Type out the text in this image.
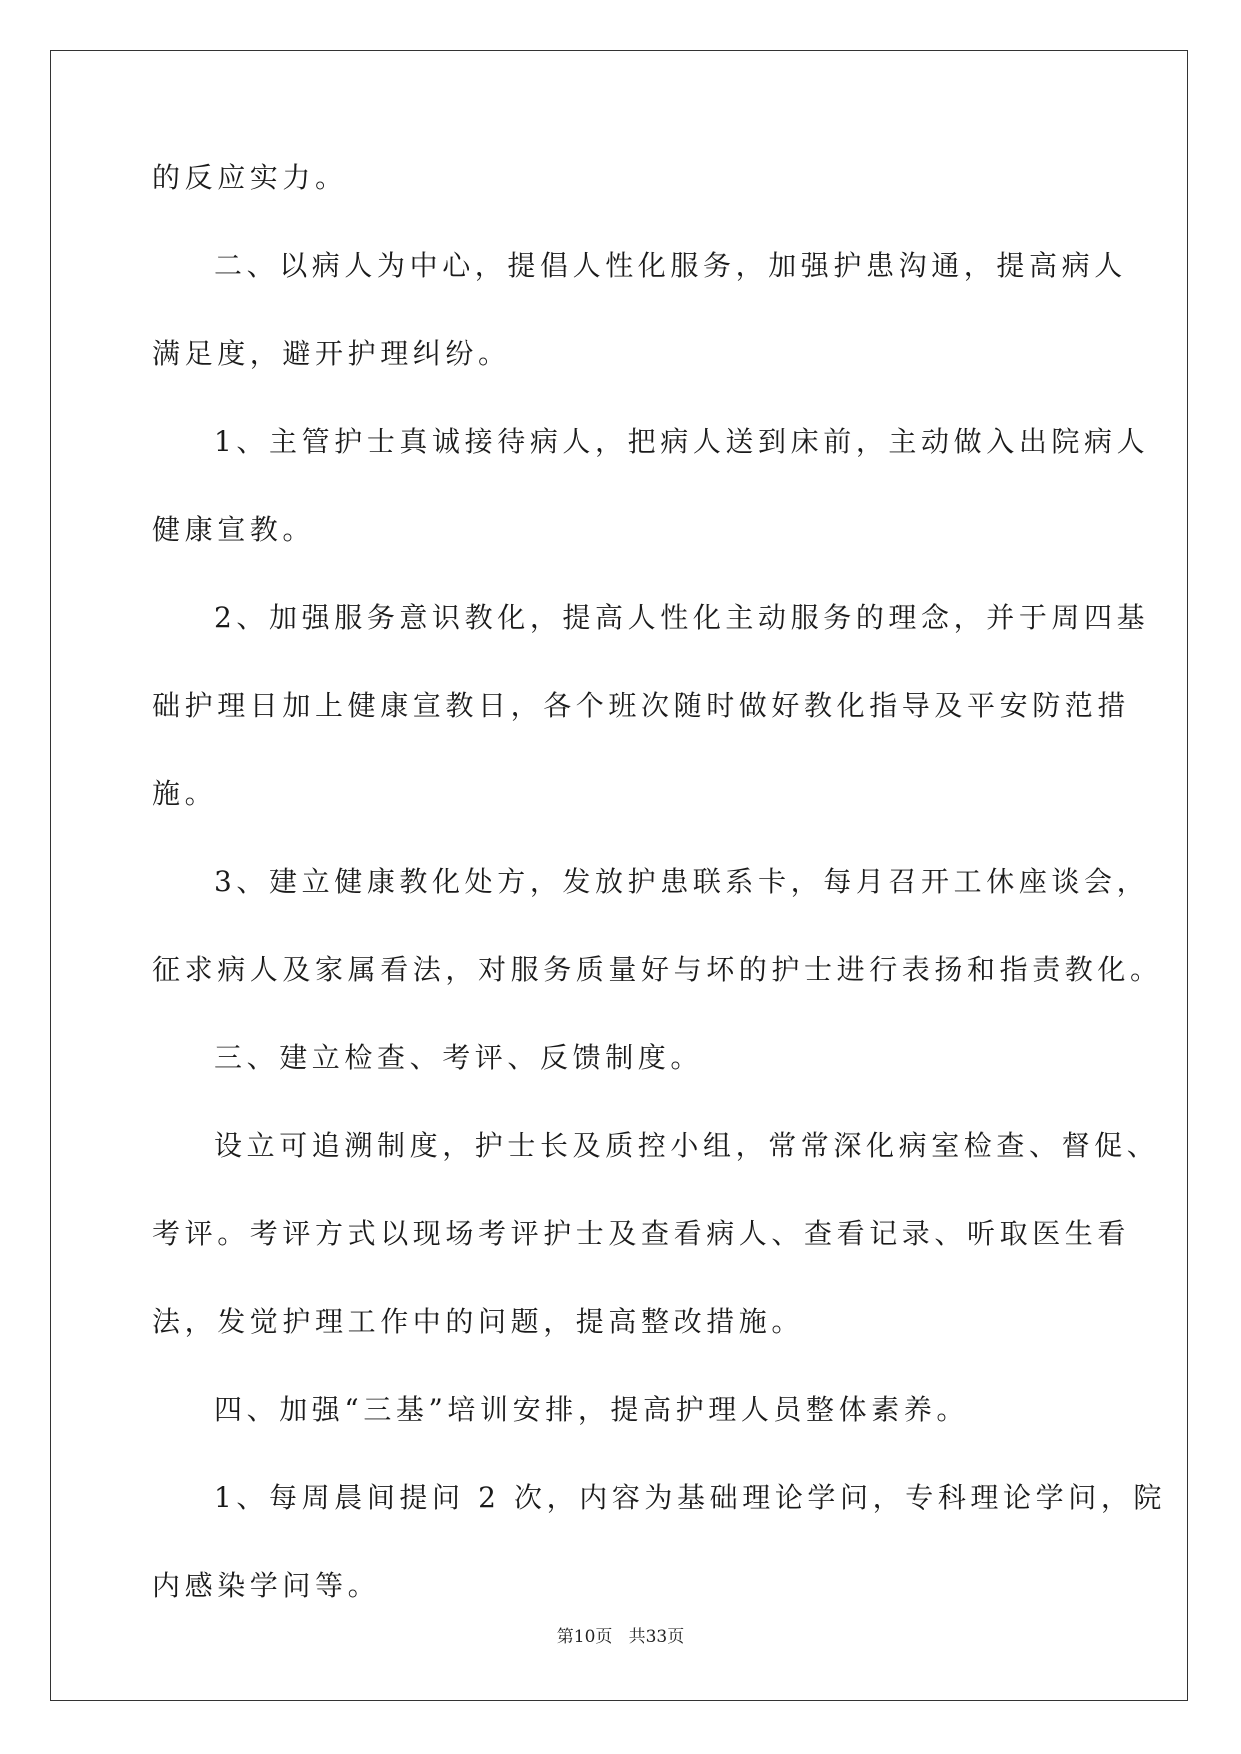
的反应实力。
二、以病人为中心，提倡人性化服务，加强护患沟通，提高病人
满足度，避开护理纠纷。
1、主管护士真诚接待病人，把病人送到床前，主动做入出院病人
健康宣教。
2、加强服务意识教化，提高人性化主动服务的理念，并于周四基
础护理日加上健康宣教日，各个班次随时做好教化指导及平安防范措
施。
3、建立健康教化处方，发放护患联系卡，每月召开工休座谈会，
征求病人及家属看法，对服务质量好与坏的护士进行表扬和指责教化。
三、建立检查、考评、反馈制度。
设立可追溯制度，护士长及质控小组，常常深化病室检查、督促、
考评。考评方式以现场考评护士及查看病人、查看记录、听取医生看
法，发觉护理工作中的问题，提高整改措施。
四、加强“三基”培训安排，提高护理人员整体素养。
1、每周晨间提问 2 次，内容为基础理论学问，专科理论学问，院
内感染学问等。
第10页 共33页
